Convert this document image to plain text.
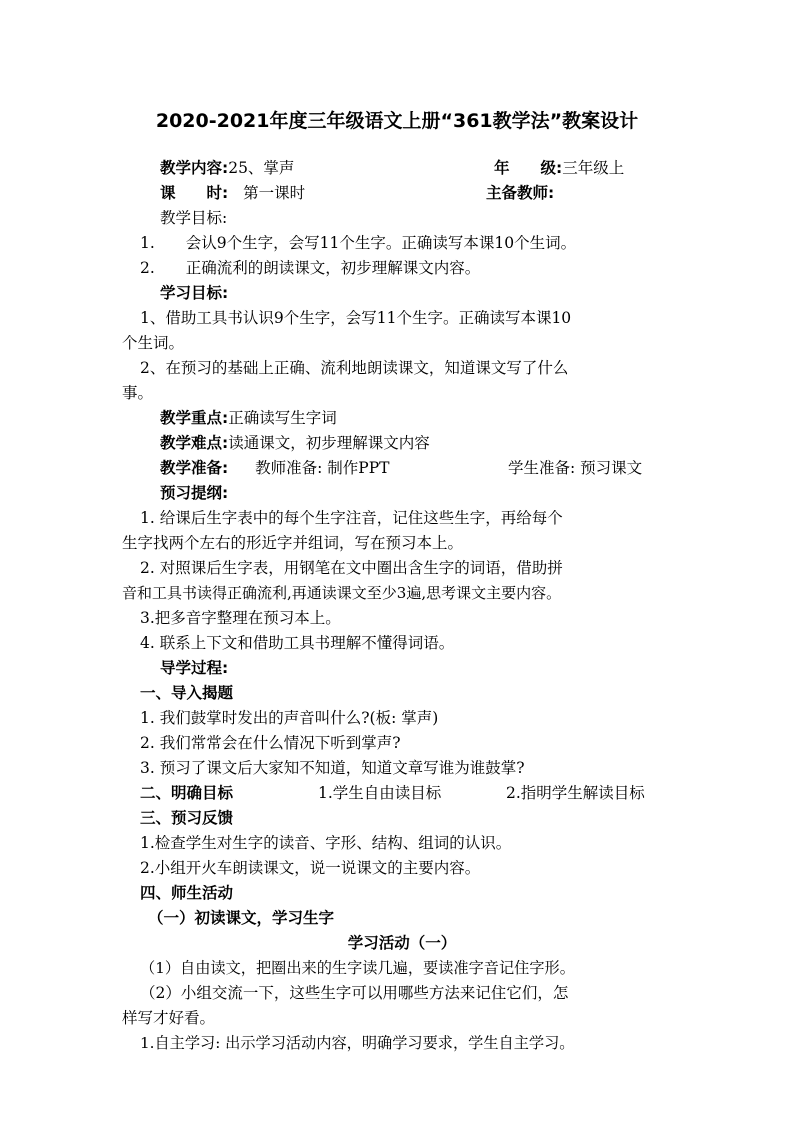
2020-2021年度三年级语文上册“361教学法”教案设计
教学内容:25、掌声	年　　级:三年级上
课　　时: 第一课时	主备教师:
教学目标:
1.　　会认9个生字，会写11个生字。正确读写本课10个生词。
2.　　正确流利的朗读课文，初步理解课文内容。
学习目标:
1、借助工具书认识9个生字，会写11个生字。正确读写本课10
个生词。
2、在预习的基础上正确、流利地朗读课文，知道课文写了什么
事。
教学重点:正确读写生字词
教学难点:读通课文，初步理解课文内容
教学准备: 教师准备: 制作PPT	学生准备: 预习课文
预习提纲:
1. 给课后生字表中的每个生字注音，记住这些生字，再给每个
生字找两个左右的形近字并组词，写在预习本上。
2. 对照课后生字表，用钢笔在文中圈出含生字的词语，借助拼
音和工具书读得正确流利,再通读课文至少3遍,思考课文主要内容。
3.把多音字整理在预习本上。
4. 联系上下文和借助工具书理解不懂得词语。
导学过程:
一、导入揭题
1. 我们鼓掌时发出的声音叫什么?(板: 掌声)
2. 我们常常会在什么情况下听到掌声?
3. 预习了课文后大家知不知道，知道文章写谁为谁鼓掌?
二、明确目标	1.学生自由读目标	2.指明学生解读目标
三、预习反馈
1.检查学生对生字的读音、字形、结构、组词的认识。
2.小组开火车朗读课文，说一说课文的主要内容。
四、师生活动
（一）初读课文，学习生字
学习活动（一）
（1）自由读文，把圈出来的生字读几遍，要读准字音记住字形。
（2）小组交流一下，这些生字可以用哪些方法来记住它们，怎
样写才好看。
1.自主学习: 出示学习活动内容，明确学习要求，学生自主学习。
